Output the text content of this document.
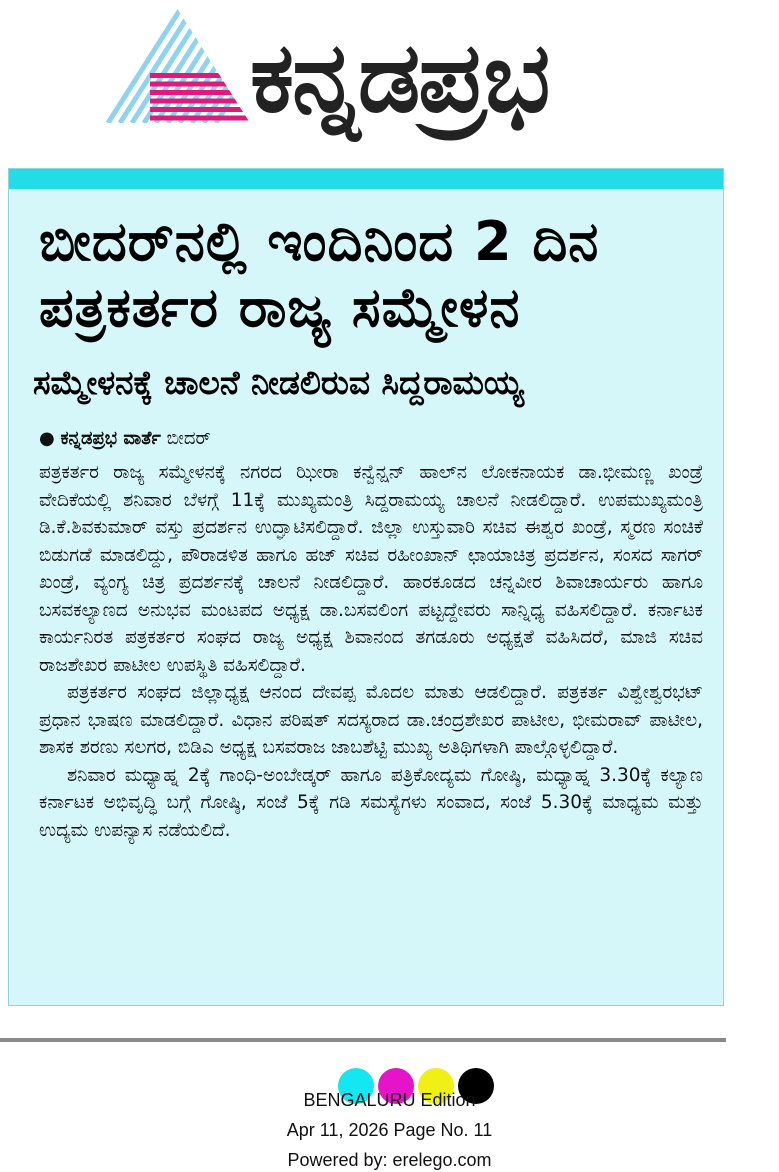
ಕನ್ನಡಪ್ರಭ
ಬೀದರ್‌ನಲ್ಲಿ ಇಂದಿನಿಂದ 2 ದಿನ
ಪತ್ರಕರ್ತರ ರಾಜ್ಯ ಸಮ್ಮೇಳನ
ಸಮ್ಮೇಳನಕ್ಕೆ ಚಾಲನೆ ನೀಡಲಿರುವ ಸಿದ್ದರಾಮಯ್ಯ
● ಕನ್ನಡಪ್ರಭ ವಾರ್ತೆ ಬೀದರ್

ಪತ್ರಕರ್ತರ ರಾಜ್ಯ ಸಮ್ಮೇಳನಕ್ಕೆ ನಗರದ ಝೀರಾ ಕನ್ವೆನ್ಷನ್ ಹಾಲ್‌ನ ಲೋಕನಾಯಕ ಡಾ.ಭೀಮಣ್ಣ ಖಂಡ್ರೆ ವೇದಿಕೆಯಲ್ಲಿ ಶನಿವಾರ ಬೆಳಗ್ಗೆ 11ಕ್ಕೆ ಮುಖ್ಯಮಂತ್ರಿ ಸಿದ್ದರಾಮಯ್ಯ ಚಾಲನೆ ನೀಡಲಿದ್ದಾರೆ. ಉಪಮುಖ್ಯಮಂತ್ರಿ ಡಿ.ಕೆ.ಶಿವಕುಮಾರ್ ವಸ್ತು ಪ್ರದರ್ಶನ ಉದ್ಘಾಟಿಸಲಿದ್ದಾರೆ. ಜಿಲ್ಲಾ ಉಸ್ತುವಾರಿ ಸಚಿವ ಈಶ್ವರ ಖಂಡ್ರೆ, ಸ್ಮರಣ ಸಂಚಿಕೆ ಬಿಡುಗಡೆ ಮಾಡಲಿದ್ದು, ಪೌರಾಡಳಿತ ಹಾಗೂ ಹಜ್ ಸಚಿವ ರಹೀಂಖಾನ್ ಛಾಯಾಚಿತ್ರ ಪ್ರದರ್ಶನ, ಸಂಸದ ಸಾಗರ್ ಖಂಡ್ರೆ, ವ್ಯಂಗ್ಯ ಚಿತ್ರ ಪ್ರದರ್ಶನಕ್ಕೆ ಚಾಲನೆ ನೀಡಲಿದ್ದಾರೆ. ಹಾರಕೂಡದ ಚನ್ನವೀರ ಶಿವಾಚಾರ್ಯರು ಹಾಗೂ ಬಸವಕಲ್ಯಾಣದ ಅನುಭವ ಮಂಟಪದ ಅಧ್ಯಕ್ಷ ಡಾ.ಬಸವಲಿಂಗ ಪಟ್ಟದ್ದೇವರು ಸಾನ್ನಿಧ್ಯ ವಹಿಸಲಿದ್ದಾರೆ. ಕರ್ನಾಟಕ ಕಾರ್ಯನಿರತ ಪತ್ರಕರ್ತರ ಸಂಘದ ರಾಜ್ಯ ಅಧ್ಯಕ್ಷ ಶಿವಾನಂದ ತಗಡೂರು ಅಧ್ಯಕ್ಷತೆ ವಹಿಸಿದರೆ, ಮಾಜಿ ಸಚಿವ ರಾಜಶೇಖರ ಪಾಟೀಲ ಉಪಸ್ಥಿತಿ ವಹಿಸಲಿದ್ದಾರೆ.

ಪತ್ರಕರ್ತರ ಸಂಘದ ಜಿಲ್ಲಾಧ್ಯಕ್ಷ ಆನಂದ ದೇವಪ್ಪ ಮೊದಲ ಮಾತು ಆಡಲಿದ್ದಾರೆ. ಪತ್ರಕರ್ತ ವಿಶ್ವೇಶ್ವರಭಟ್ ಪ್ರಧಾನ ಭಾಷಣ ಮಾಡಲಿದ್ದಾರೆ. ವಿಧಾನ ಪರಿಷತ್ ಸದಸ್ಯರಾದ ಡಾ.ಚಂದ್ರಶೇಖರ ಪಾಟೀಲ, ಭೀಮರಾವ್ ಪಾಟೀಲ, ಶಾಸಕ ಶರಣು ಸಲಗರ, ಬಿಡಿಎ ಅಧ್ಯಕ್ಷ ಬಸವರಾಜ ಜಾಬಶೆಟ್ಟಿ ಮುಖ್ಯ ಅತಿಥಿಗಳಾಗಿ ಪಾಲ್ಗೊಳ್ಳಲಿದ್ದಾರೆ.

ಶನಿವಾರ ಮಧ್ಯಾಹ್ನ 2ಕ್ಕೆ ಗಾಂಧಿ-ಅಂಬೇಡ್ಕರ್ ಹಾಗೂ ಪತ್ರಿಕೋದ್ಯಮ ಗೋಷ್ಠಿ, ಮಧ್ಯಾಹ್ನ 3.30ಕ್ಕೆ ಕಲ್ಯಾಣ ಕರ್ನಾಟಕ ಅಭಿವೃದ್ಧಿ ಬಗ್ಗೆ ಗೋಷ್ಠಿ, ಸಂಜೆ 5ಕ್ಕೆ ಗಡಿ ಸಮಸ್ಯೆಗಳು ಸಂವಾದ, ಸಂಜೆ 5.30ಕ್ಕೆ ಮಾಧ್ಯಮ ಮತ್ತು ಉದ್ಯಮ ಉಪನ್ಯಾಸ ನಡೆಯಲಿದೆ.

BENGALURU Edition
Apr 11, 2026 Page No. 11
Powered by: erelego.com
